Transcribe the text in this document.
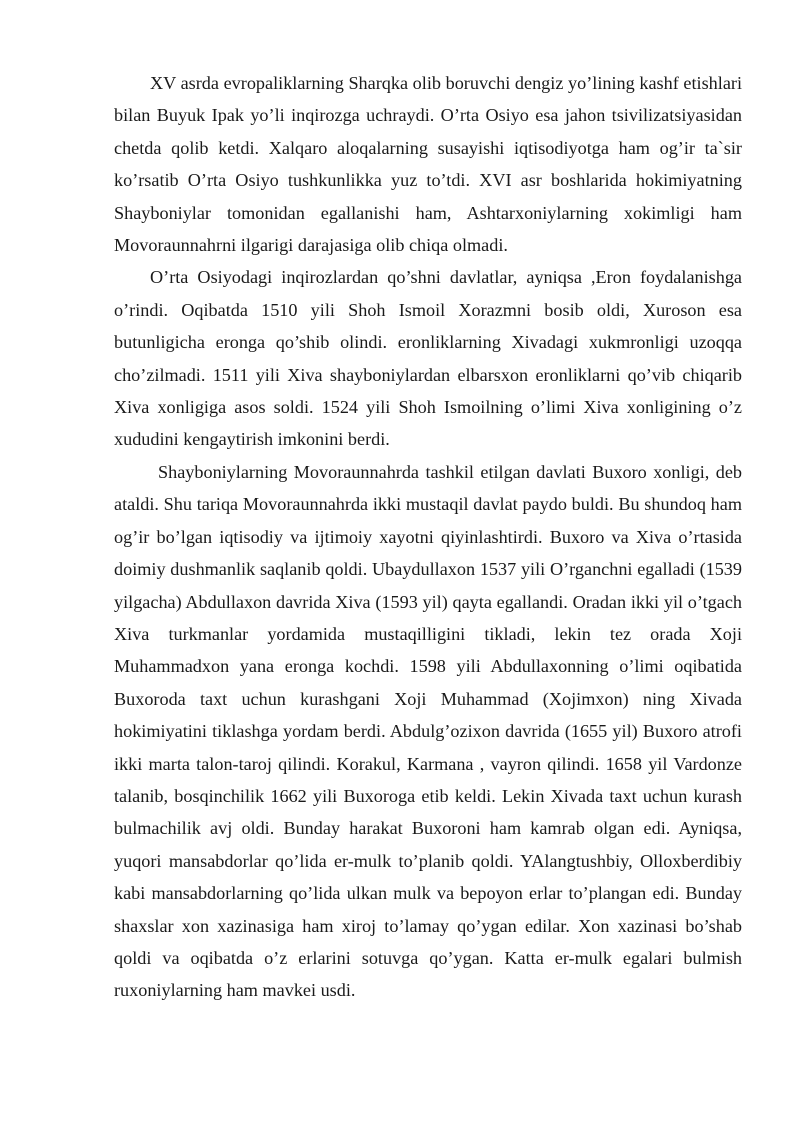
XV asrda evropaliklarning Sharqka olib boruvchi dengiz yo’lining kashf etishlari bilan Buyuk Ipak yo’li inqirozga uchraydi. O’rta Osiyo esa jahon tsivilizatsiyasidan chetda qolib ketdi. Xalqaro aloqalarning susayishi iqtisodiyotga ham og’ir ta`sir ko’rsatib O’rta Osiyo tushkunlikka yuz to’tdi. XVI asr boshlarida hokimiyatning Shayboniylar tomonidan egallanishi ham, Ashtarxoniylarning xokimligi ham Movoraunnahrni ilgarigi darajasiga olib chiqa olmadi.

O’rta Osiyodagi inqirozlardan qo’shni davlatlar, ayniqsa ,Eron foydalanishga o’rindi. Oqibatda 1510 yili Shoh Ismoil Xorazmni bosib oldi, Xuroson esa butunligicha eronga qo’shib olindi. eronliklarning Xivadagi xukmronligi uzoqqa cho’zilmadi. 1511 yili Xiva shayboniylardan elbarsxon eronliklarni qo’vib chiqarib Xiva xonligiga asos soldi. 1524 yili Shoh Ismoilning o’limi Xiva xonligining o’z xududini kengaytirish imkonini berdi.

Shayboniylarning Movoraunnahrda tashkil etilgan davlati Buxoro xonligi, deb ataldi. Shu tariqa Movoraunnahrda ikki mustaqil davlat paydo buldi. Bu shundoq ham og’ir bo’lgan iqtisodiy va ijtimoiy xayotni qiyinlashtirdi. Buxoro va Xiva o’rtasida doimiy dushmanlik saqlanib qoldi. Ubaydullaxon 1537 yili O’rganchni egalladi (1539 yilgacha) Abdullaxon davrida Xiva (1593 yil) qayta egallandi. Oradan ikki yil o’tgach Xiva turkmanlar yordamida mustaqilligini tikladi, lekin tez orada Xoji Muhammadxon yana eronga kochdi. 1598 yili Abdullaxonning o’limi oqibatida Buxoroda taxt uchun kurashgani Xoji Muhammad (Xojimxon) ning Xivada hokimiyatini tiklashga yordam berdi. Abdulg’ozixon davrida (1655 yil) Buxoro atrofi ikki marta talon-taroj qilindi. Korakul, Karmana , vayron qilindi. 1658 yil Vardonze talanib, bosqinchilik 1662 yili Buxoroga etib keldi. Lekin Xivada taxt uchun kurash bulmachilik avj oldi. Bunday harakat Buxoroni ham kamrab olgan edi. Ayniqsa, yuqori mansabdorlar qo’lida er-mulk to’planib qoldi. YAlangtushbiy, Olloxberdibiy kabi mansabdorlarning qo’lida ulkan mulk va bepoyon erlar to’plangan edi. Bunday shaxslar xon xazinasiga ham xiroj to’lamay qo’ygan edilar. Xon xazinasi bo’shab qoldi va oqibatda o’z erlarini sotuvga qo’ygan. Katta er-mulk egalari bulmish ruxoniylarning ham mavkei usdi.
